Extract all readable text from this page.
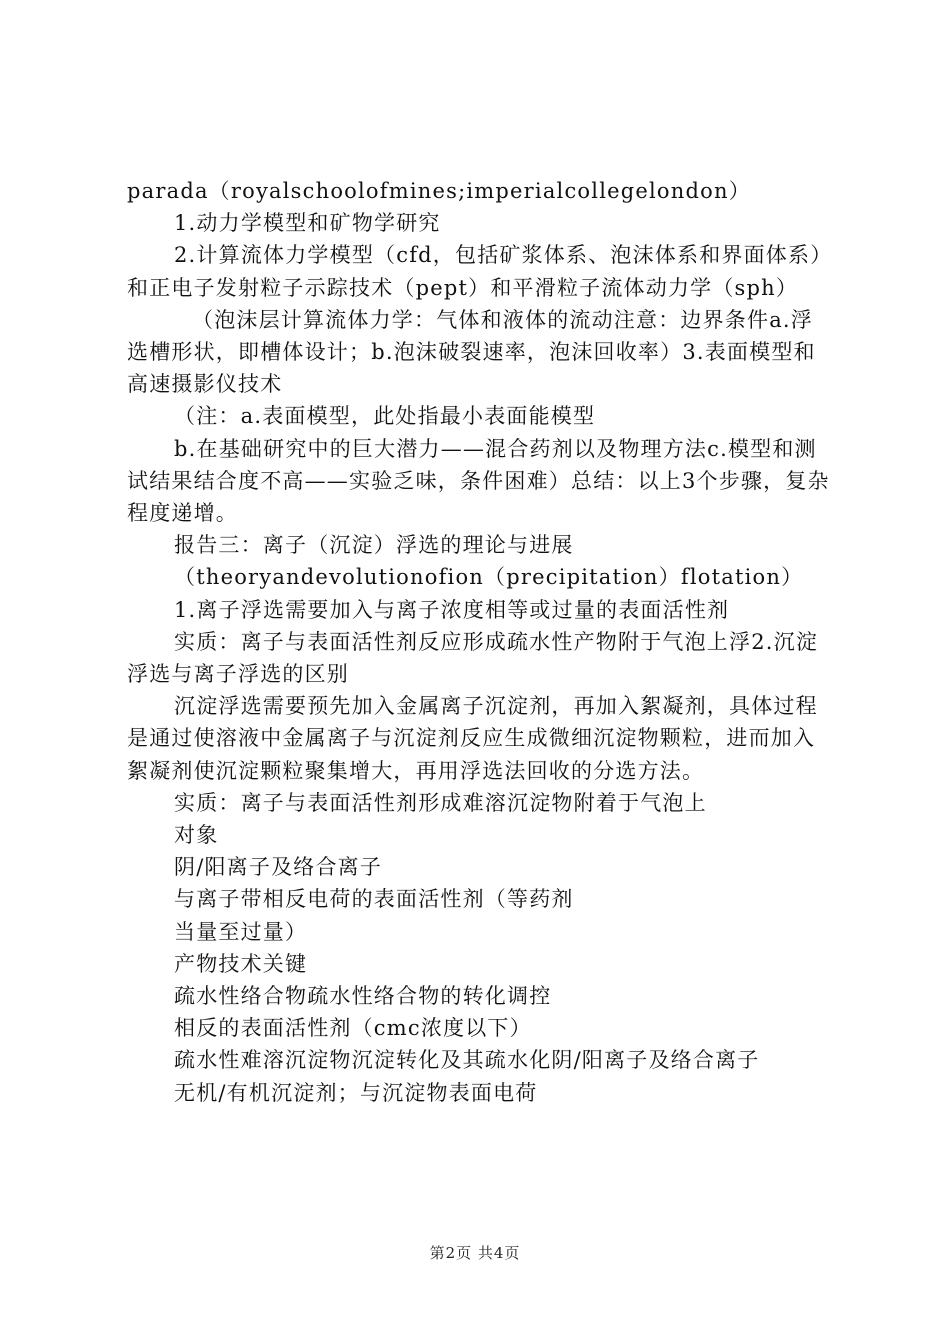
parada（royalschoolofmines;imperialcollegelondon）

1.动力学模型和矿物学研究

2.计算流体力学模型（cfd，包括矿浆体系、泡沫体系和界面体系）和正电子发射粒子示踪技术（pept）和平滑粒子流体动力学（sph）

（泡沫层计算流体力学：气体和液体的流动注意：边界条件a.浮选槽形状，即槽体设计；b.泡沫破裂速率，泡沫回收率）3.表面模型和高速摄影仪技术

（注：a.表面模型，此处指最小表面能模型

b.在基础研究中的巨大潜力——混合药剂以及物理方法c.模型和测试结果结合度不高——实验乏味，条件困难）总结：以上3个步骤，复杂程度递增。

报告三：离子（沉淀）浮选的理论与进展

（theoryandevolutionofion（precipitation）flotation）

1.离子浮选需要加入与离子浓度相等或过量的表面活性剂

实质：离子与表面活性剂反应形成疏水性产物附于气泡上浮2.沉淀浮选与离子浮选的区别

沉淀浮选需要预先加入金属离子沉淀剂，再加入絮凝剂，具体过程是通过使溶液中金属离子与沉淀剂反应生成微细沉淀物颗粒，进而加入絮凝剂使沉淀颗粒聚集增大，再用浮选法回收的分选方法。

实质：离子与表面活性剂形成难溶沉淀物附着于气泡上

对象

阴/阳离子及络合离子

与离子带相反电荷的表面活性剂（等药剂

当量至过量）

产物技术关键

疏水性络合物疏水性络合物的转化调控

相反的表面活性剂（cmc浓度以下）

疏水性难溶沉淀物沉淀转化及其疏水化阴/阳离子及络合离子

无机/有机沉淀剂；与沉淀物表面电荷

第2页 共4页
